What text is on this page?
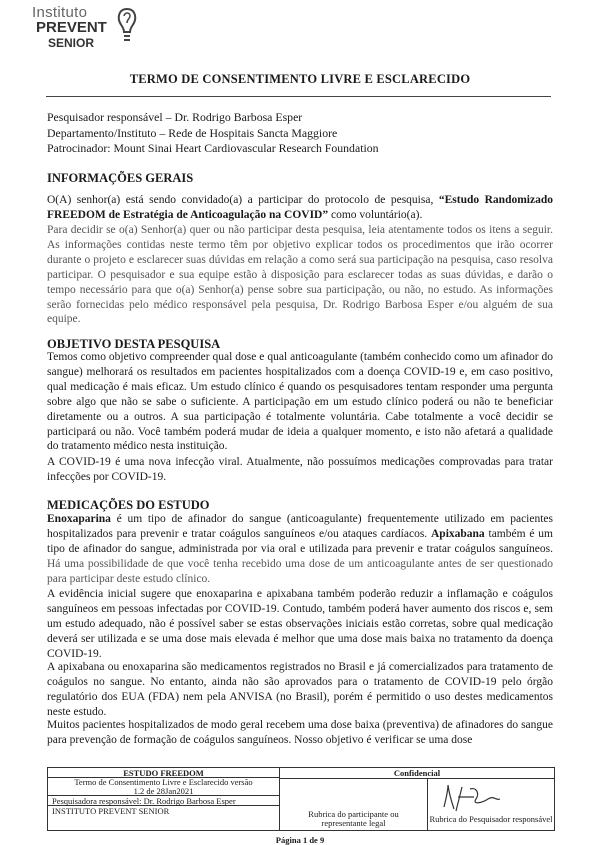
Instituto
PREVENT
SENIOR
TERMO DE CONSENTIMENTO LIVRE E ESCLARECIDO
Pesquisador responsável – Dr. Rodrigo Barbosa Esper
Departamento/Instituto – Rede de Hospitais Sancta Maggiore
Patrocinador: Mount Sinai Heart Cardiovascular Research Foundation
INFORMAÇÕES GERAIS

O(A) senhor(a) está sendo convidado(a) a participar do protocolo de pesquisa, “Estudo Randomizado FREEDOM de Estratégia de Anticoagulação na COVID” como voluntário(a).

Para decidir se o(a) Senhor(a) quer ou não participar desta pesquisa, leia atentamente todos os itens a seguir. As informações contidas neste termo têm por objetivo explicar todos os procedimentos que irão ocorrer durante o projeto e esclarecer suas dúvidas em relação a como será sua participação na pesquisa, caso resolva participar. O pesquisador e sua equipe estão à disposição para esclarecer todas as suas dúvidas, e darão o tempo necessário para que o(a) Senhor(a) pense sobre sua participação, ou não, no estudo. As informações serão fornecidas pelo médico responsável pela pesquisa, Dr. Rodrigo Barbosa Esper e/ou alguém de sua equipe.

OBJETIVO DESTA PESQUISA

Temos como objetivo compreender qual dose e qual anticoagulante (também conhecido como um afinador do sangue) melhorará os resultados em pacientes hospitalizados com a doença COVID-19 e, em caso positivo, qual medicação é mais eficaz. Um estudo clínico é quando os pesquisadores tentam responder uma pergunta sobre algo que não se sabe o suficiente. A participação em um estudo clínico poderá ou não te beneficiar diretamente ou a outros. A sua participação é totalmente voluntária. Cabe totalmente a você decidir se participará ou não. Você também poderá mudar de ideia a qualquer momento, e isto não afetará a qualidade do tratamento médico nesta instituição.

A COVID-19 é uma nova infecção viral. Atualmente, não possuímos medicações comprovadas para tratar infecções por COVID-19.

MEDICAÇÕES DO ESTUDO

Enoxaparina é um tipo de afinador do sangue (anticoagulante) frequentemente utilizado em pacientes hospitalizados para prevenir e tratar coágulos sanguíneos e/ou ataques cardíacos. Apixabana também é um tipo de afinador do sangue, administrada por via oral e utilizada para prevenir e tratar coágulos sanguíneos. Há uma possibilidade de que você tenha recebido uma dose de um anticoagulante antes de ser questionado para participar deste estudo clínico.

A evidência inicial sugere que enoxaparina e apixabana também poderão reduzir a inflamação e coágulos sanguíneos em pessoas infectadas por COVID-19. Contudo, também poderá haver aumento dos riscos e, sem um estudo adequado, não é possível saber se estas observações iniciais estão corretas, sobre qual medicação deverá ser utilizada e se uma dose mais elevada é melhor que uma dose mais baixa no tratamento da doença COVID-19.

A apixabana ou enoxaparina são medicamentos registrados no Brasil e já comercializados para tratamento de coágulos no sangue. No entanto, ainda não são aprovados para o tratamento de COVID-19 pelo órgão regulatório dos EUA (FDA) nem pela ANVISA (no Brasil), porém é permitido o uso destes medicamentos neste estudo.

Muitos pacientes hospitalizados de modo geral recebem uma dose baixa (preventiva) de afinadores do sangue para prevenção de formação de coágulos sanguíneos. Nosso objetivo é verificar se uma dose

ESTUDO FREEDOM	Confidencial
Termo de Consentimento Livre e Esclarecido versão 1.2 de 28Jan2021
Pesquisadora responsável: Dr. Rodrigo Barbosa Esper
INSTITUTO PREVENT SENIOR	Rubrica do participante ou representante legal	Rubrica do Pesquisador responsável
Página 1 de 9
